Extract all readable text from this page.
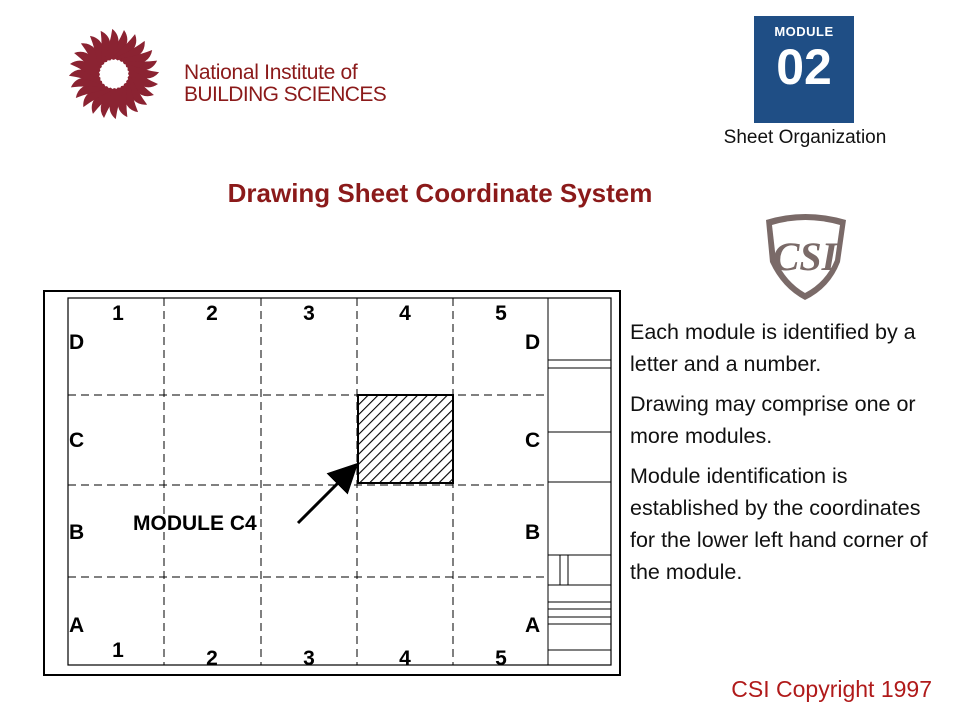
National Institute of
BUILDING SCIENCES
MODULE
02
Sheet Organization
Drawing Sheet Coordinate System
CSI
MODULE C4
1	2	3	4	5
1	2	3	4	5
D
C
B
A
D
C
B
A

Each module is identified by a letter and a number.

Drawing may comprise one or more modules.

Module identification is established by the coordinates for the lower left hand corner of the module.

CSI Copyright 1997
